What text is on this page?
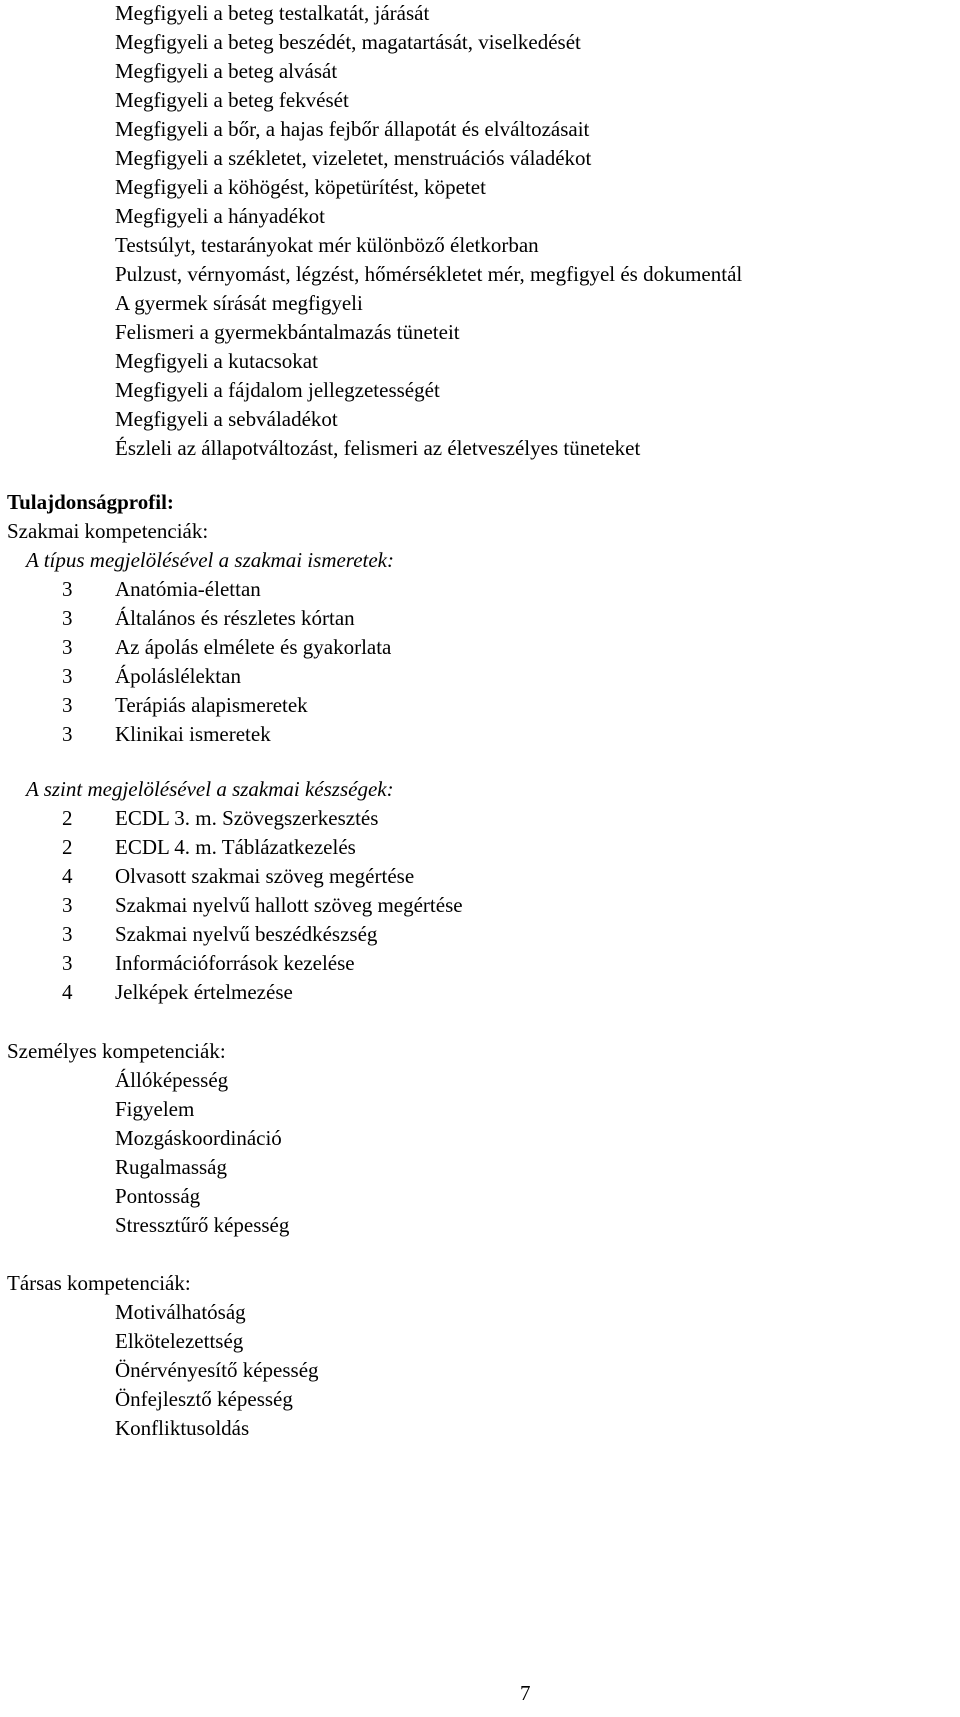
Megfigyeli a beteg testalkatát, járását
Megfigyeli a beteg beszédét, magatartását, viselkedését
Megfigyeli a beteg alvását
Megfigyeli a beteg fekvését
Megfigyeli a bőr, a hajas fejbőr állapotát és elváltozásait
Megfigyeli a székletet, vizeletet, menstruációs váladékot
Megfigyeli a köhögést, köpetürítést, köpetet
Megfigyeli a hányadékot
Testsúlyt, testarányokat mér különböző életkorban
Pulzust, vérnyomást, légzést, hőmérsékletet mér, megfigyel és dokumentál
A gyermek sírását megfigyeli
Felismeri a gyermekbántalmazás tüneteit
Megfigyeli a kutacsokat
Megfigyeli a fájdalom jellegzetességét
Megfigyeli a sebváladékot
Észleli az állapotváltozást, felismeri az életveszélyes tüneteket
Tulajdonságprofil:
Szakmai kompetenciák:
A típus megjelölésével a szakmai ismeretek:
3	Anatómia-élettan
3	Általános és részletes kórtan
3	Az ápolás elmélete és gyakorlata
3	Ápoláslélektan
3	Terápiás alapismeretek
3	Klinikai ismeretek
A szint megjelölésével a szakmai készségek:
2	ECDL 3. m. Szövegszerkesztés
2	ECDL 4. m. Táblázatkezelés
4	Olvasott szakmai szöveg megértése
3	Szakmai nyelvű hallott szöveg megértése
3	Szakmai nyelvű beszédkészség
3	Információforrások kezelése
4	Jelképek értelmezése
Személyes kompetenciák:
Állóképesség
Figyelem
Mozgáskoordináció
Rugalmasság
Pontosság
Stressztűrő képesség
Társas kompetenciák:
Motiválhatóság
Elkötelezettség
Önérvényesítő képesség
Önfejlesztő képesség
Konfliktusoldás
7
